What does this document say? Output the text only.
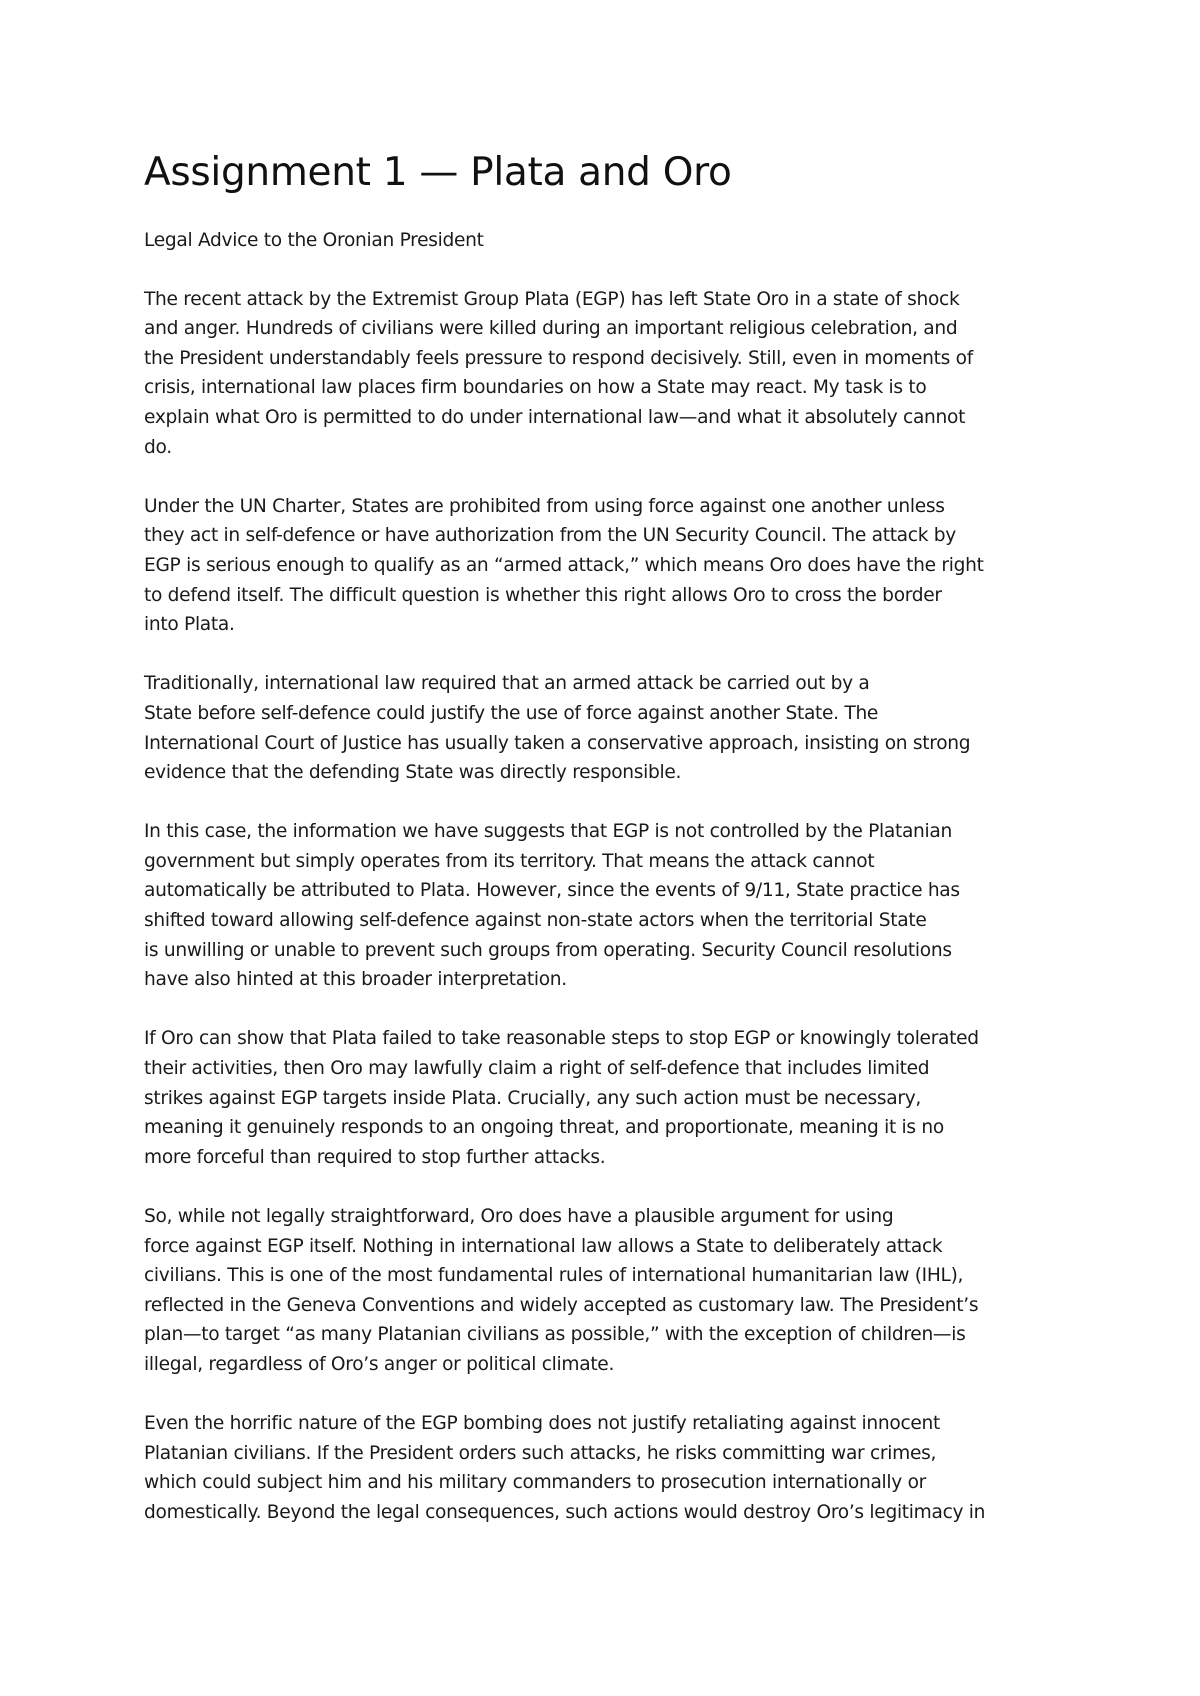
Assignment 1 — Plata and Oro

Legal Advice to the Oronian President

The recent attack by the Extremist Group Plata (EGP) has left State Oro in a state of shock
and anger. Hundreds of civilians were killed during an important religious celebration, and
the President understandably feels pressure to respond decisively. Still, even in moments of
crisis, international law places firm boundaries on how a State may react. My task is to
explain what Oro is permitted to do under international law—and what it absolutely cannot
do.

Under the UN Charter, States are prohibited from using force against one another unless
they act in self-defence or have authorization from the UN Security Council. The attack by
EGP is serious enough to qualify as an “armed attack,” which means Oro does have the right
to defend itself. The difficult question is whether this right allows Oro to cross the border
into Plata.

Traditionally, international law required that an armed attack be carried out by a
State before self-defence could justify the use of force against another State. The
International Court of Justice has usually taken a conservative approach, insisting on strong
evidence that the defending State was directly responsible.

In this case, the information we have suggests that EGP is not controlled by the Platanian
government but simply operates from its territory. That means the attack cannot
automatically be attributed to Plata. However, since the events of 9/11, State practice has
shifted toward allowing self-defence against non-state actors when the territorial State
is unwilling or unable to prevent such groups from operating. Security Council resolutions
have also hinted at this broader interpretation.

If Oro can show that Plata failed to take reasonable steps to stop EGP or knowingly tolerated
their activities, then Oro may lawfully claim a right of self-defence that includes limited
strikes against EGP targets inside Plata. Crucially, any such action must be necessary,
meaning it genuinely responds to an ongoing threat, and proportionate, meaning it is no
more forceful than required to stop further attacks.

So, while not legally straightforward, Oro does have a plausible argument for using
force against EGP itself. Nothing in international law allows a State to deliberately attack
civilians. This is one of the most fundamental rules of international humanitarian law (IHL),
reflected in the Geneva Conventions and widely accepted as customary law. The President’s
plan—to target “as many Platanian civilians as possible,” with the exception of children—is
illegal, regardless of Oro’s anger or political climate.

Even the horrific nature of the EGP bombing does not justify retaliating against innocent
Platanian civilians. If the President orders such attacks, he risks committing war crimes,
which could subject him and his military commanders to prosecution internationally or
domestically. Beyond the legal consequences, such actions would destroy Oro’s legitimacy in
